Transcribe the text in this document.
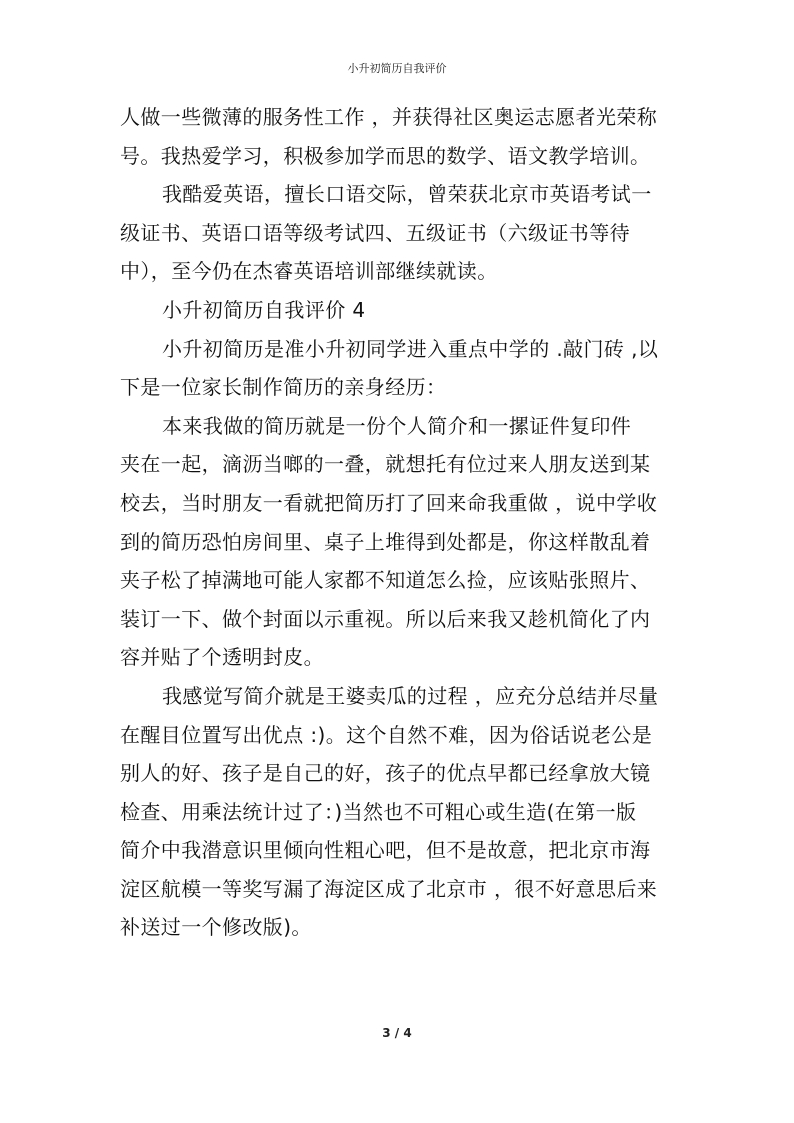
小升初简历自我评价
人做一些微薄的服务性工作 ，并获得社区奥运志愿者光荣称
号。我热爱学习，积极参加学而思的数学、语文教学培训。
我酷爱英语，擅长口语交际，曾荣获北京市英语考试一
级证书、英语口语等级考试四、五级证书（六级证书等待
中），至今仍在杰睿英语培训部继续就读。
小升初简历自我评价 4
小升初简历是准小升初同学进入重点中学的 .敲门砖 ,以
下是一位家长制作简历的亲身经历：
本来我做的简历就是一份个人简介和一摞证件复印件
夹在一起，滴沥当啷的一叠，就想托有位过来人朋友送到某
校去，当时朋友一看就把简历打了回来命我重做 ，说中学收
到的简历恐怕房间里、桌子上堆得到处都是，你这样散乱着
夹子松了掉满地可能人家都不知道怎么捡，应该贴张照片、
装订一下、做个封面以示重视。所以后来我又趁机简化了内
容并贴了个透明封皮。
我感觉写简介就是王婆卖瓜的过程 ，应充分总结并尽量
在醒目位置写出优点 :)。这个自然不难，因为俗话说老公是
别人的好、孩子是自己的好，孩子的优点早都已经拿放大镜
检查、用乘法统计过了：)当然也不可粗心或生造(在第一版
简介中我潜意识里倾向性粗心吧，但不是故意，把北京市海
淀区航模一等奖写漏了海淀区成了北京市 ，很不好意思后来
补送过一个修改版)。
3 / 4
